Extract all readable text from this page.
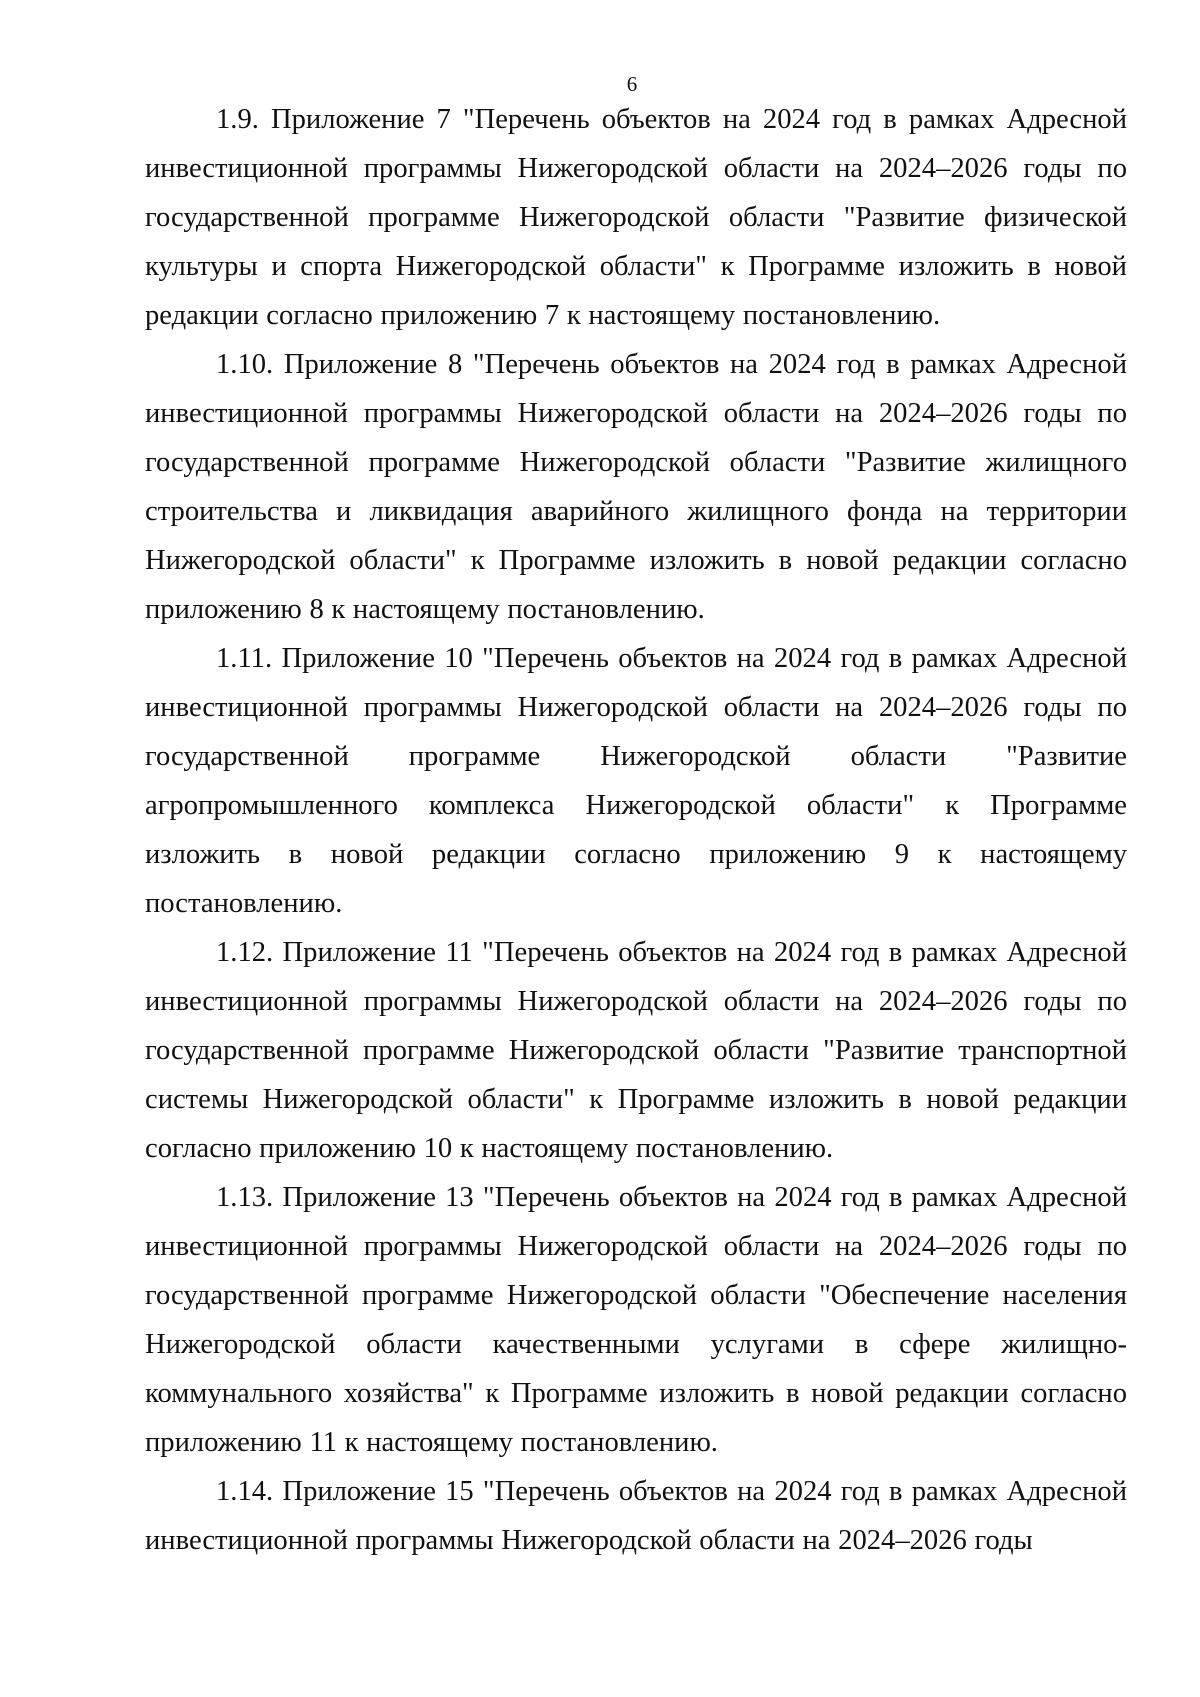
6

1.9. Приложение 7 "Перечень объектов на 2024 год в рамках Адресной инвестиционной программы Нижегородской области на 2024–2026 годы по государственной программе Нижегородской области "Развитие физической культуры и спорта Нижегородской области" к Программе изложить в новой редакции согласно приложению 7 к настоящему постановлению.

1.10. Приложение 8 "Перечень объектов на 2024 год в рамках Адресной инвестиционной программы Нижегородской области на 2024–2026 годы по государственной программе Нижегородской области "Развитие жилищного строительства и ликвидация аварийного жилищного фонда на территории Нижегородской области" к Программе изложить в новой редакции согласно приложению 8 к настоящему постановлению.

1.11. Приложение 10 "Перечень объектов на 2024 год в рамках Адресной инвестиционной программы Нижегородской области на 2024–2026 годы по государственной программе Нижегородской области "Развитие агропромышленного комплекса Нижегородской области" к Программе изложить в новой редакции согласно приложению 9 к настоящему постановлению.

1.12. Приложение 11 "Перечень объектов на 2024 год в рамках Адресной инвестиционной программы Нижегородской области на 2024–2026 годы по государственной программе Нижегородской области "Развитие транспортной системы Нижегородской области" к Программе изложить в новой редакции согласно приложению 10 к настоящему постановлению.

1.13. Приложение 13 "Перечень объектов на 2024 год в рамках Адресной инвестиционной программы Нижегородской области на 2024–2026 годы по государственной программе Нижегородской области "Обеспечение населения Нижегородской области качественными услугами в сфере жилищно-коммунального хозяйства" к Программе изложить в новой редакции согласно приложению 11 к настоящему постановлению.

1.14. Приложение 15 "Перечень объектов на 2024 год в рамках Адресной инвестиционной программы Нижегородской области на 2024–2026 годы
